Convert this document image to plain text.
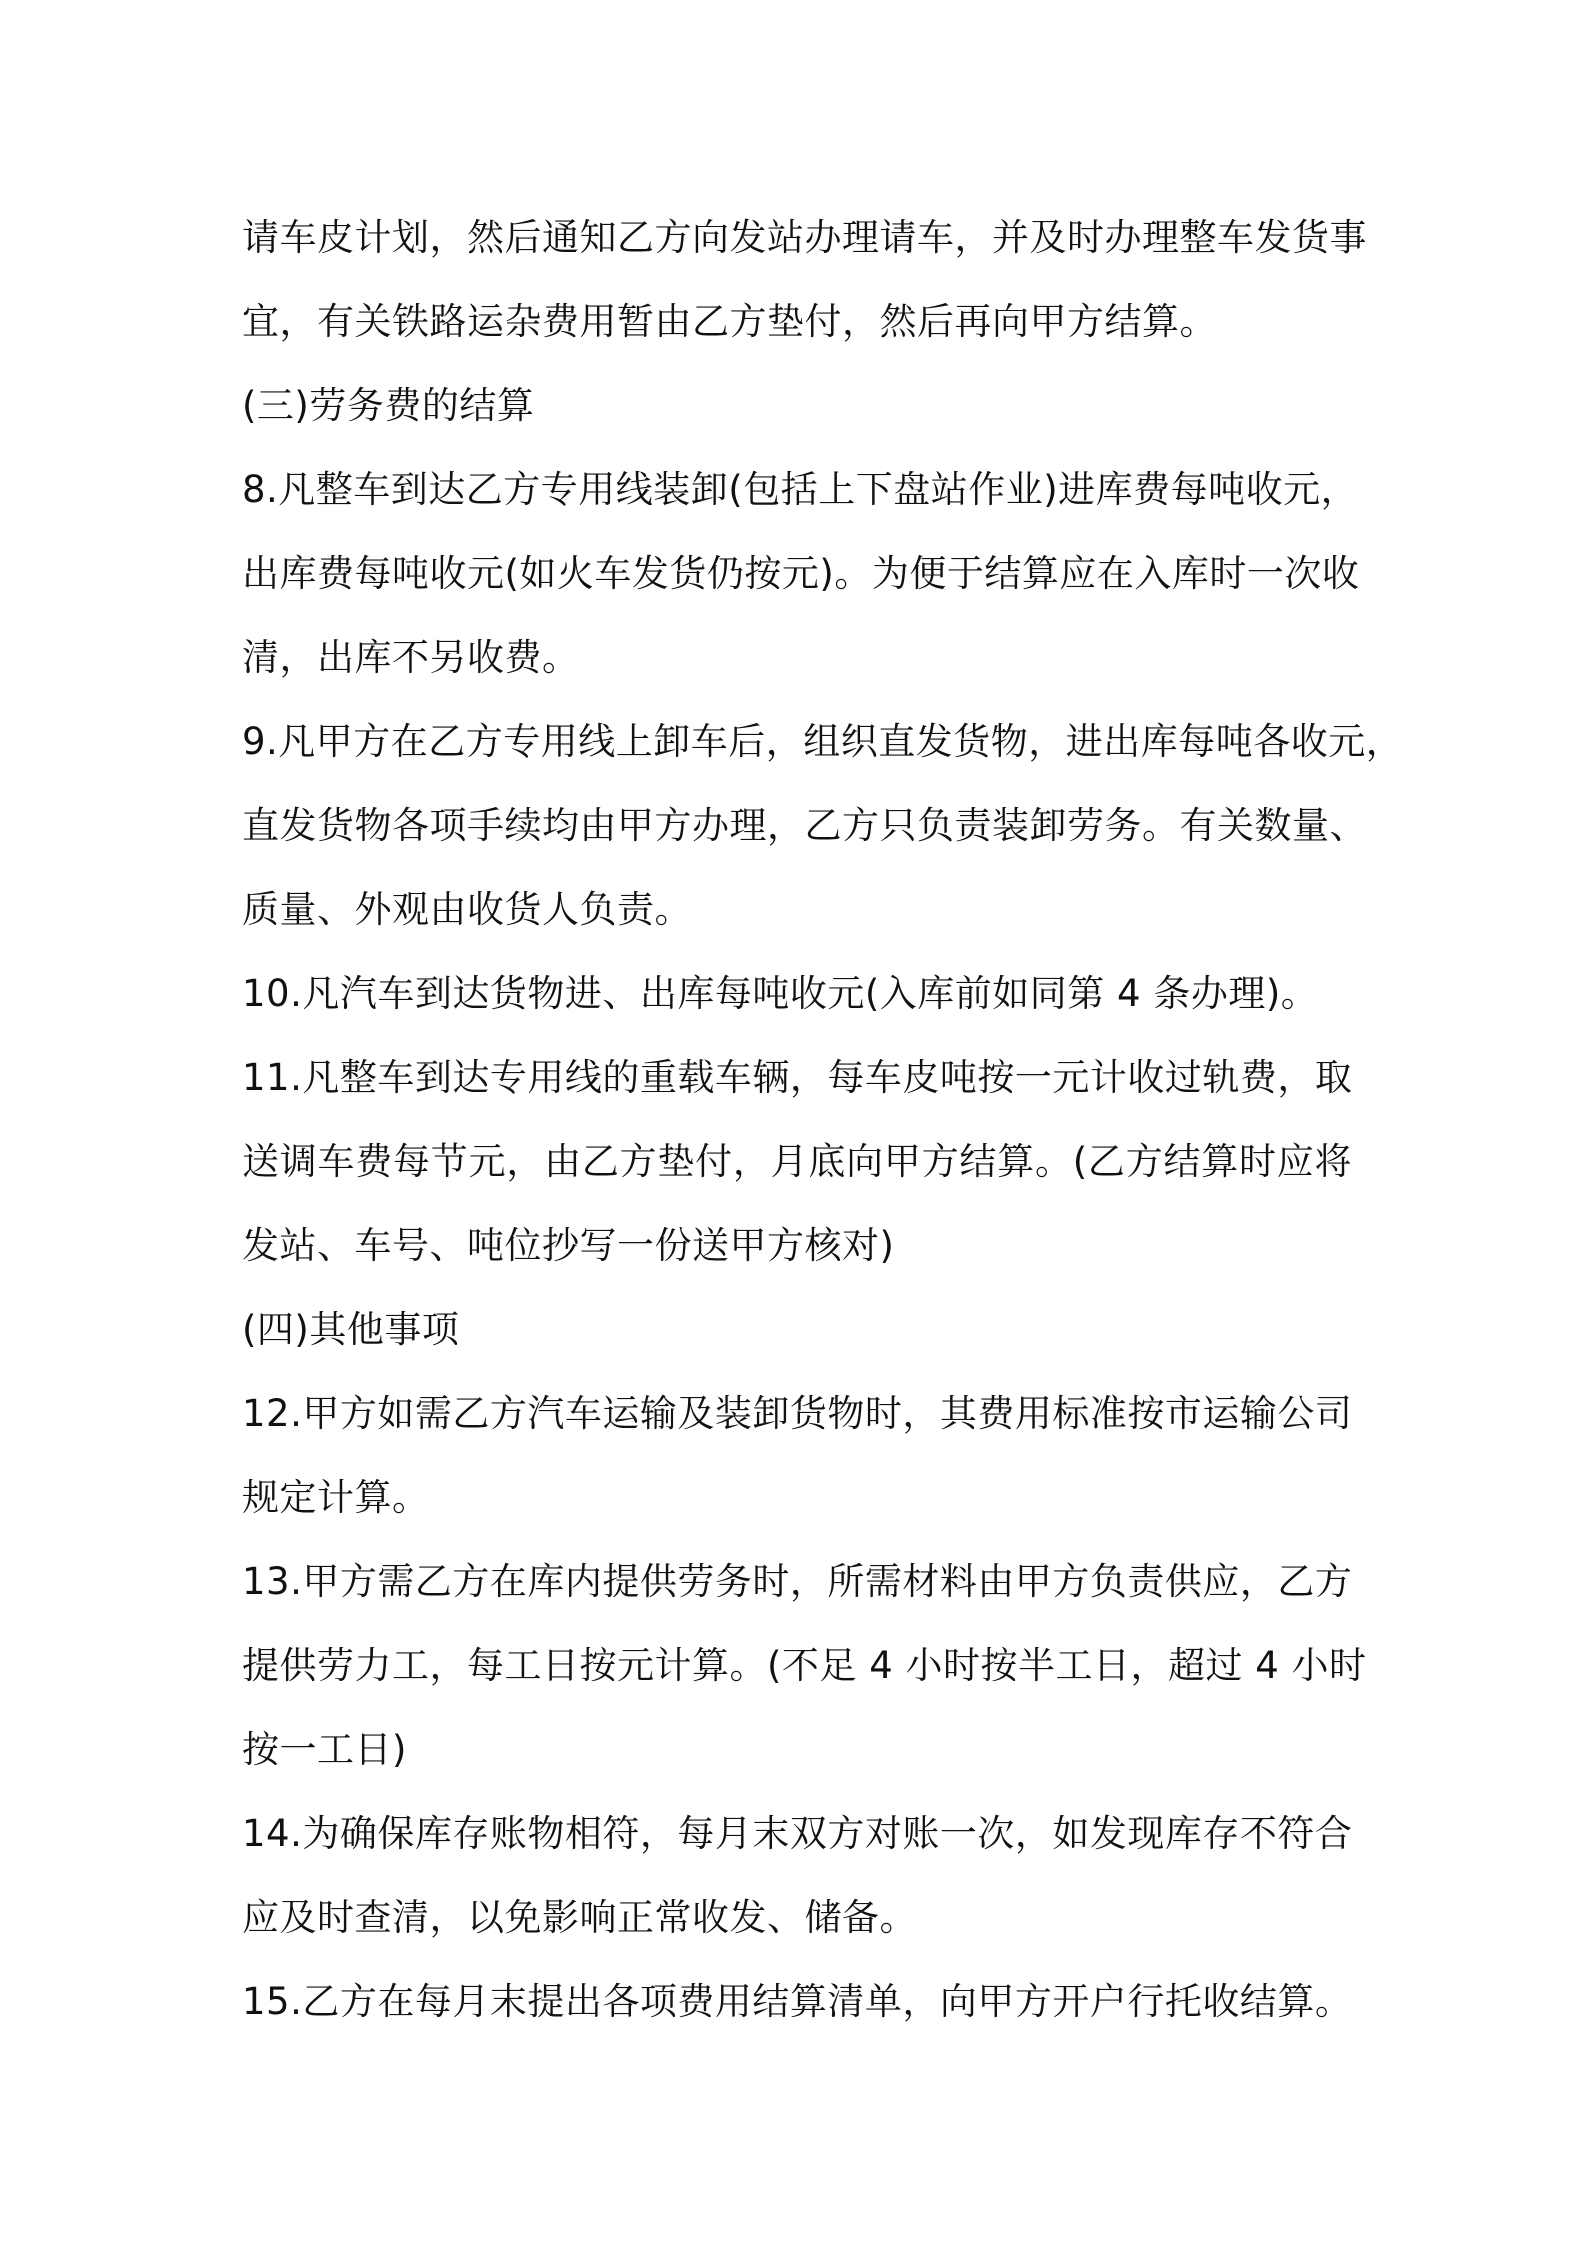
请车皮计划，然后通知乙方向发站办理请车，并及时办理整车发货事
宜，有关铁路运杂费用暂由乙方垫付，然后再向甲方结算。
(三)劳务费的结算
8.凡整车到达乙方专用线装卸(包括上下盘站作业)进库费每吨收元，
出库费每吨收元(如火车发货仍按元)。为便于结算应在入库时一次收
清，出库不另收费。
9.凡甲方在乙方专用线上卸车后，组织直发货物，进出库每吨各收元，
直发货物各项手续均由甲方办理，乙方只负责装卸劳务。有关数量、
质量、外观由收货人负责。
10.凡汽车到达货物进、出库每吨收元(入库前如同第 4 条办理)。
11.凡整车到达专用线的重载车辆，每车皮吨按一元计收过轨费，取
送调车费每节元，由乙方垫付，月底向甲方结算。(乙方结算时应将
发站、车号、吨位抄写一份送甲方核对)
(四)其他事项
12.甲方如需乙方汽车运输及装卸货物时，其费用标准按市运输公司
规定计算。
13.甲方需乙方在库内提供劳务时，所需材料由甲方负责供应，乙方
提供劳力工，每工日按元计算。(不足 4 小时按半工日，超过 4 小时
按一工日)
14.为确保库存账物相符，每月末双方对账一次，如发现库存不符合
应及时查清，以免影响正常收发、储备。
15.乙方在每月末提出各项费用结算清单，向甲方开户行托收结算。
